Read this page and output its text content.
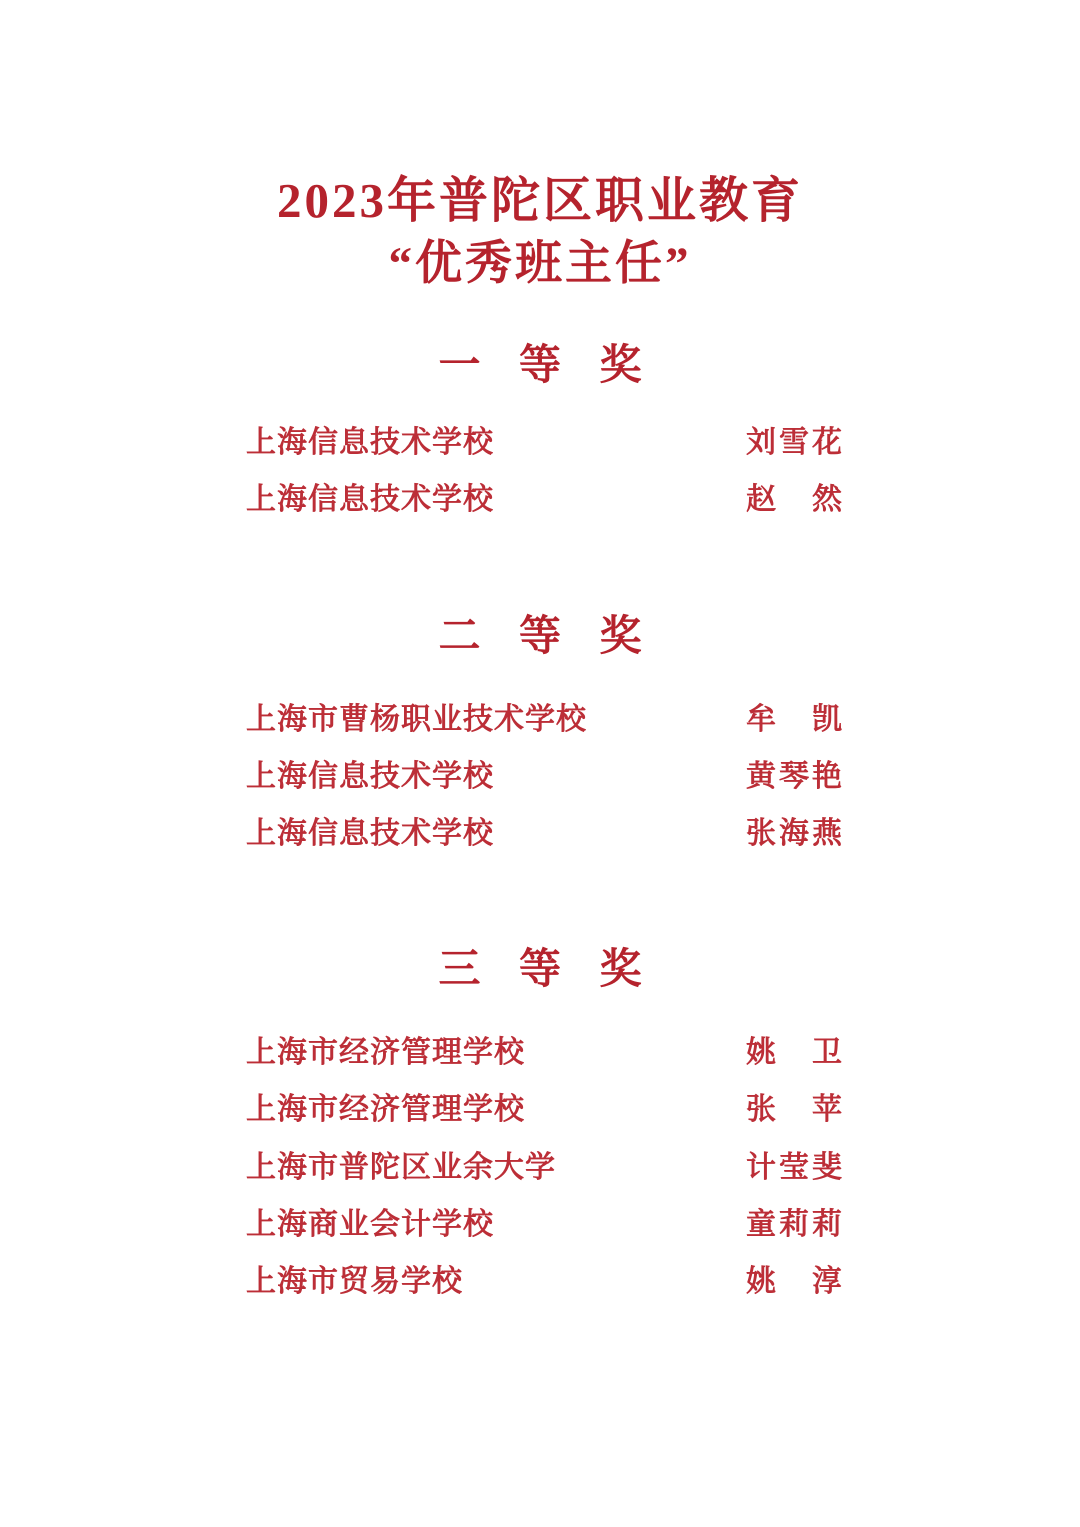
2023年普陀区职业教育
“优秀班主任”
一 等 奖
上海信息技术学校	刘雪花
上海信息技术学校	赵 然
二 等 奖
上海市曹杨职业技术学校	牟 凯
上海信息技术学校	黄琴艳
上海信息技术学校	张海燕
三 等 奖
上海市经济管理学校	姚 卫
上海市经济管理学校	张 苹
上海市普陀区业余大学	计莹斐
上海商业会计学校	童莉莉
上海市贸易学校	姚 淳
